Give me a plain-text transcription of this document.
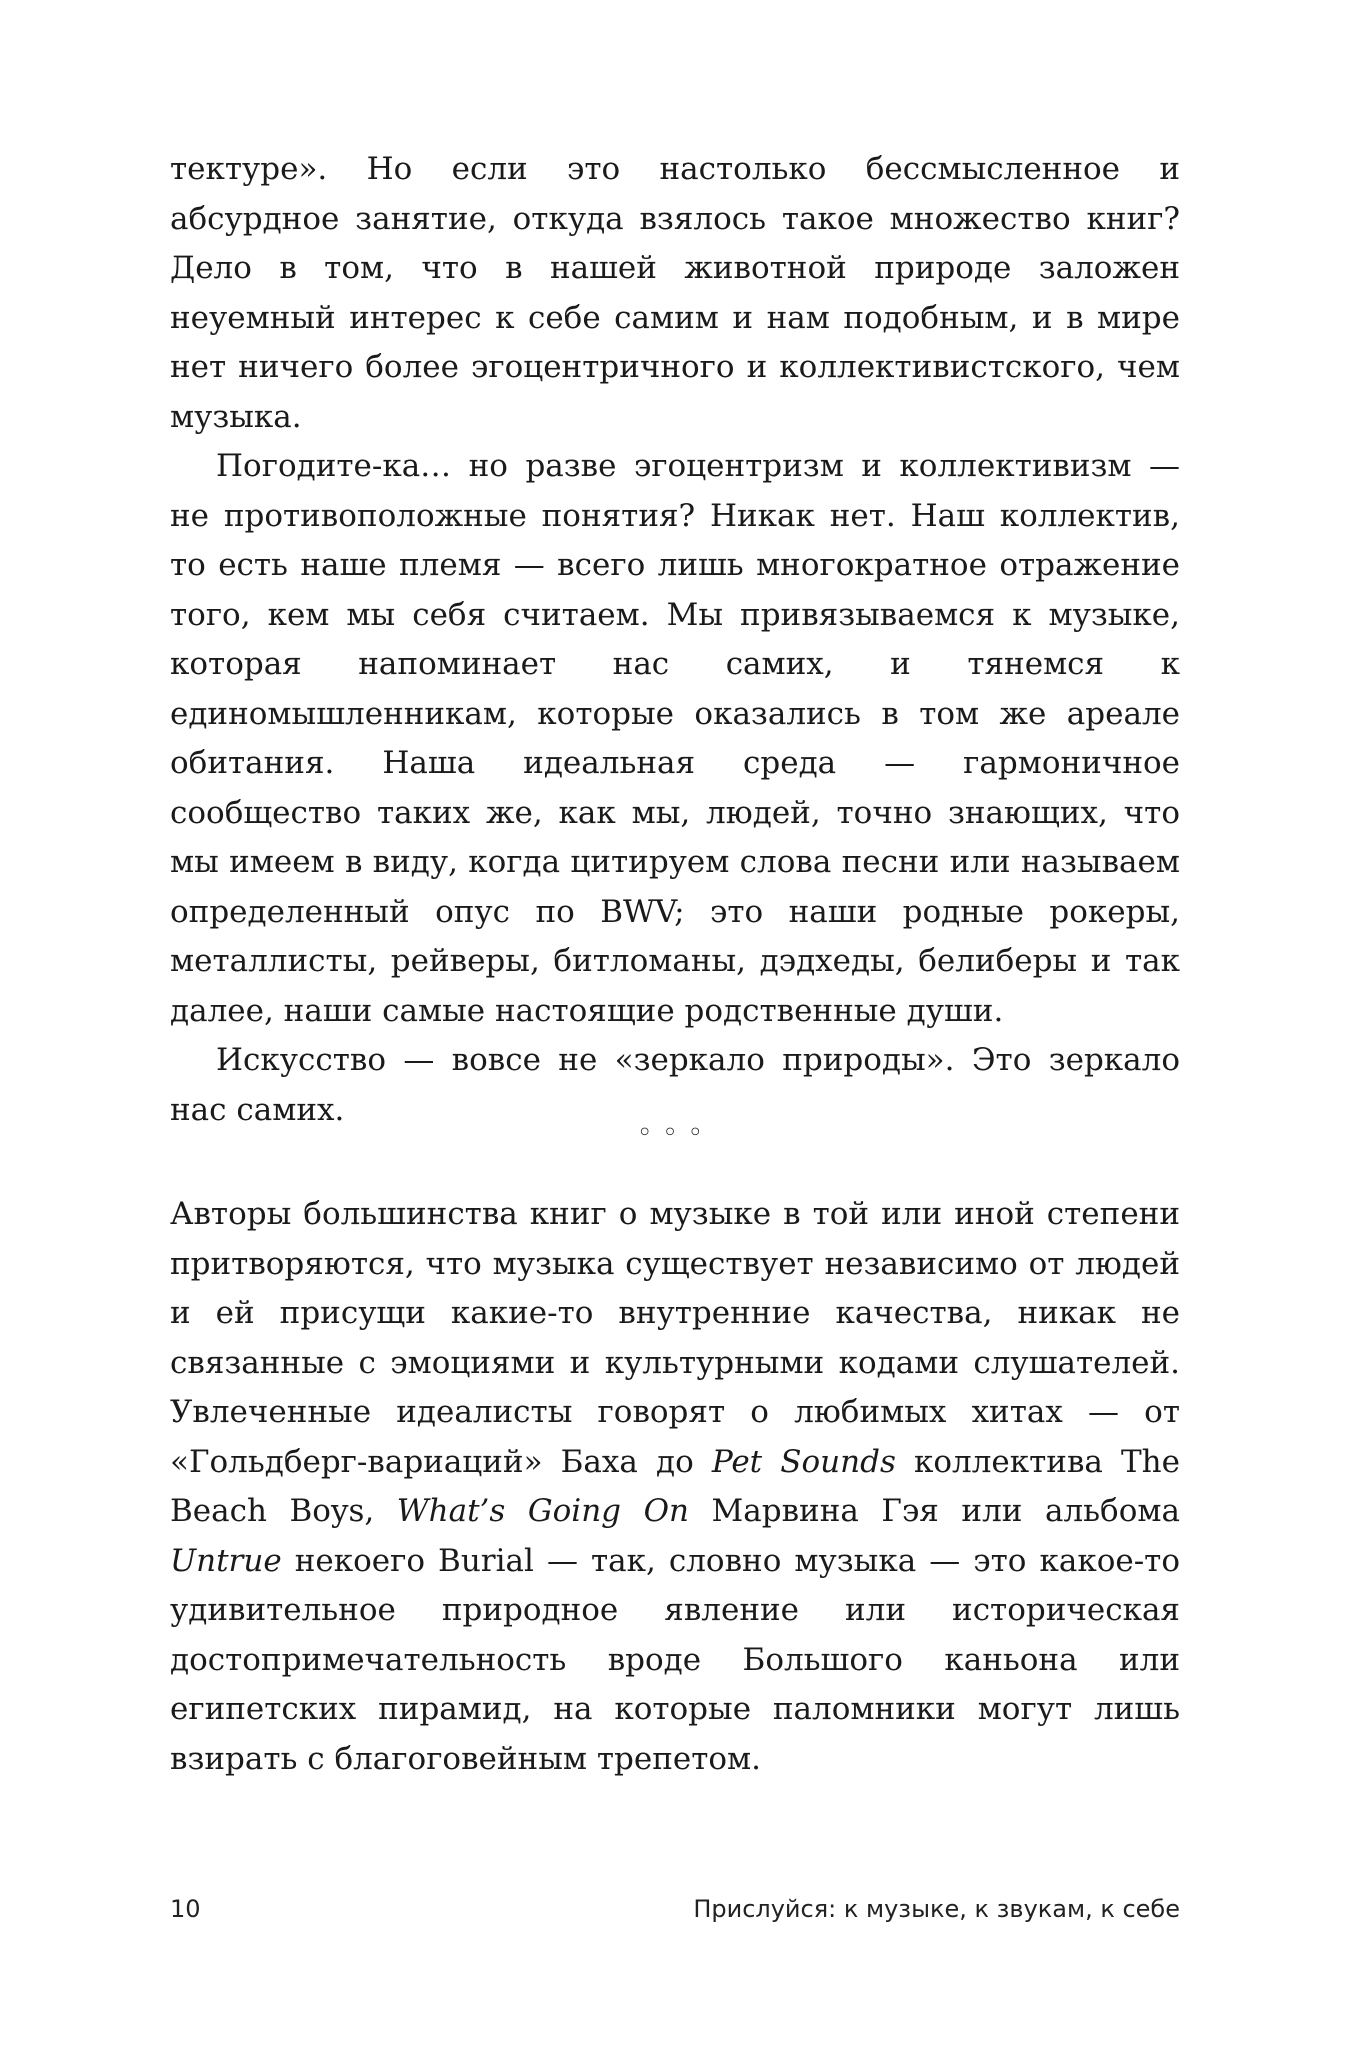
тектуре». Но если это настолько бессмысленное и абсурдное занятие, откуда взялось такое множество книг? Дело в том, что в нашей животной природе заложен неуемный интерес к себе самим и нам подобным, и в мире нет ничего более эгоцентричного и коллективистского, чем музыка.

Погодите-ка… но разве эгоцентризм и коллективизм — не противоположные понятия? Никак нет. Наш коллектив, то есть наше племя — всего лишь многократное отражение того, кем мы себя считаем. Мы привязываемся к музыке, которая напоминает нас самих, и тянемся к единомышленникам, которые оказались в том же ареале обитания. Наша идеальная среда — гармоничное сообщество таких же, как мы, людей, точно знающих, что мы имеем в виду, когда цитируем слова песни или называем определенный опус по BWV; это наши родные рокеры, металлисты, рейверы, битломаны, дэдхеды, белиберы и так далее, наши самые настоящие родственные души.

Искусство — вовсе не «зеркало природы». Это зеркало нас самих.

◦◦◦

Авторы большинства книг о музыке в той или иной степени притворяются, что музыка существует независимо от людей и ей присущи какие-то внутренние качества, никак не связанные с эмоциями и культурными кодами слушателей. Увлеченные идеалисты говорят о любимых хитах — от «Гольдберг-вариаций» Баха до Pet Sounds коллектива The Beach Boys, What’s Going On Марвина Гэя или альбома Untrue некоего Burial — так, словно музыка — это какое-то удивительное природное явление или историческая достопримечательность вроде Большого каньона или египетских пирамид, на которые паломники могут лишь взирать с благоговейным трепетом.

10	Прислуйся: к музыке, к звукам, к себе
